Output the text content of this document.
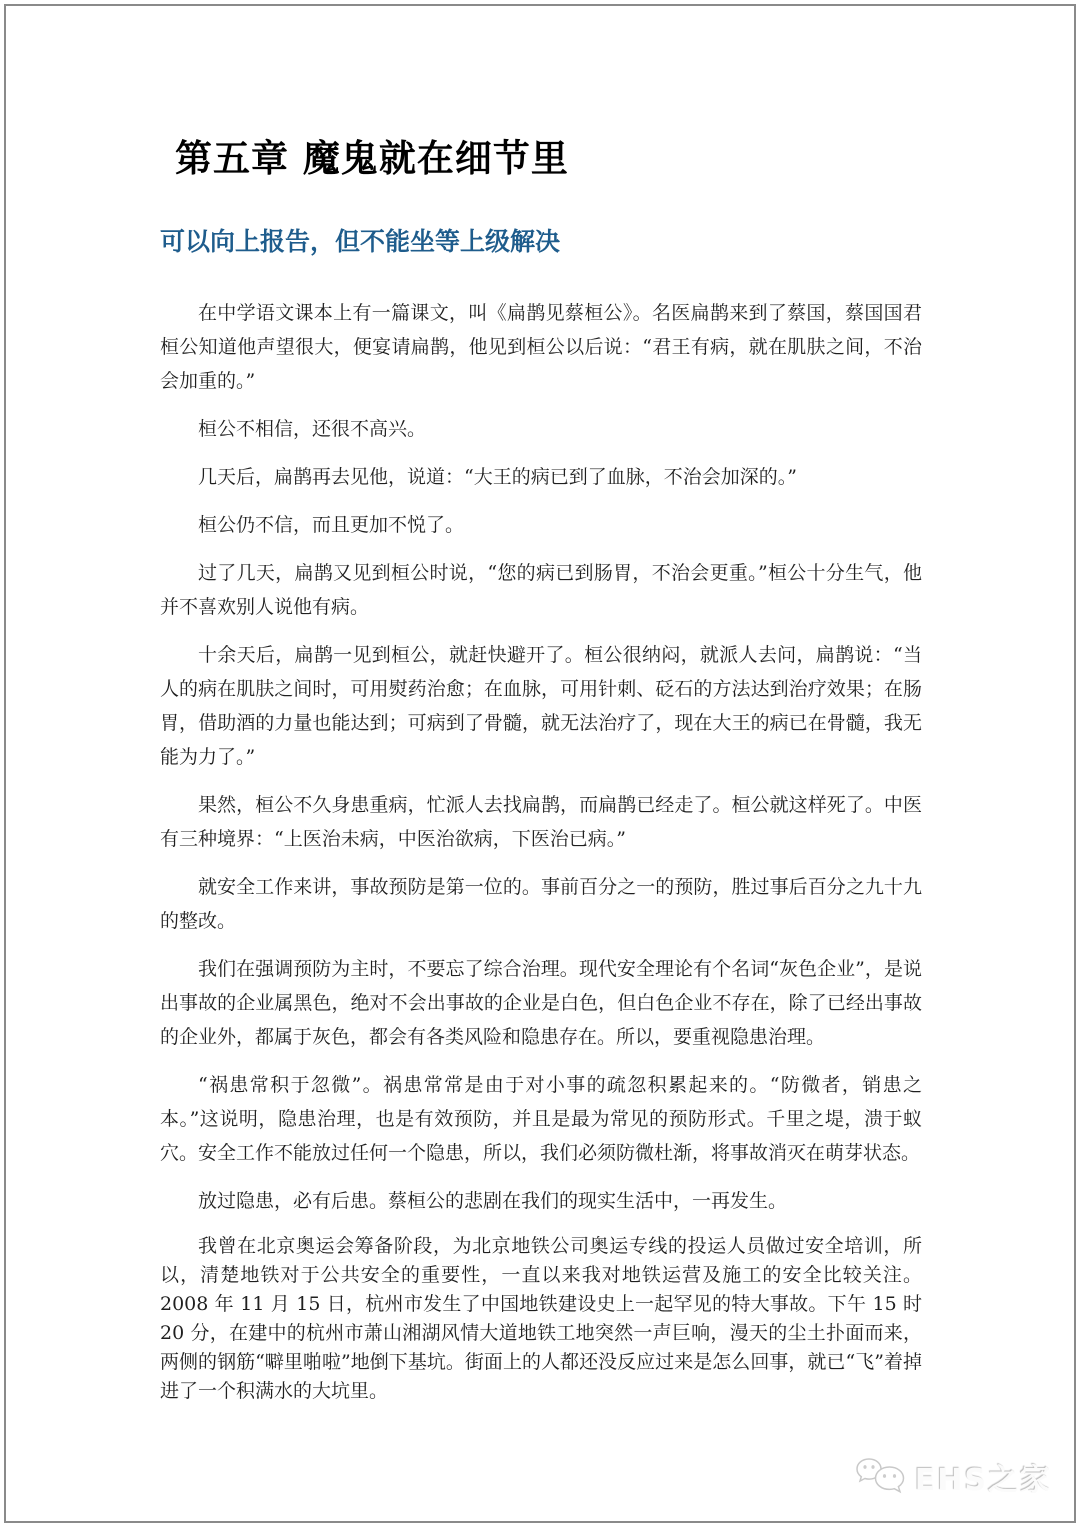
第五章 魔鬼就在细节里
可以向上报告，但不能坐等上级解决

在中学语文课本上有一篇课文，叫《扁鹊见蔡桓公》。名医扁鹊来到了蔡国，蔡国国君桓公知道他声望很大，便宴请扁鹊，他见到桓公以后说：“君王有病，就在肌肤之间，不治会加重的。”

桓公不相信，还很不高兴。

几天后，扁鹊再去见他，说道：“大王的病已到了血脉，不治会加深的。”

桓公仍不信，而且更加不悦了。

过了几天，扁鹊又见到桓公时说，“您的病已到肠胃，不治会更重。”桓公十分生气，他并不喜欢别人说他有病。

十余天后，扁鹊一见到桓公，就赶快避开了。桓公很纳闷，就派人去问，扁鹊说：“当人的病在肌肤之间时，可用熨药治愈；在血脉，可用针刺、砭石的方法达到治疗效果；在肠胃，借助酒的力量也能达到；可病到了骨髓，就无法治疗了，现在大王的病已在骨髓，我无能为力了。”

果然，桓公不久身患重病，忙派人去找扁鹊，而扁鹊已经走了。桓公就这样死了。中医有三种境界：“上医治未病，中医治欲病，下医治已病。”

就安全工作来讲，事故预防是第一位的。事前百分之一的预防，胜过事后百分之九十九的整改。

我们在强调预防为主时，不要忘了综合治理。现代安全理论有个名词“灰色企业”，是说出事故的企业属黑色，绝对不会出事故的企业是白色，但白色企业不存在，除了已经出事故的企业外，都属于灰色，都会有各类风险和隐患存在。所以，要重视隐患治理。

“祸患常积于忽微”。祸患常常是由于对小事的疏忽积累起来的。“防微者，销患之本。”这说明，隐患治理，也是有效预防，并且是最为常见的预防形式。千里之堤，溃于蚁穴。安全工作不能放过任何一个隐患，所以，我们必须防微杜渐，将事故消灭在萌芽状态。

放过隐患，必有后患。蔡桓公的悲剧在我们的现实生活中，一再发生。

我曾在北京奥运会筹备阶段，为北京地铁公司奥运专线的投运人员做过安全培训，所以，清楚地铁对于公共安全的重要性，一直以来我对地铁运营及施工的安全比较关注。2008 年 11 月 15 日，杭州市发生了中国地铁建设史上一起罕见的特大事故。下午 15 时 20 分，在建中的杭州市萧山湘湖风情大道地铁工地突然一声巨响，漫天的尘土扑面而来，两侧的钢筋“噼里啪啦”地倒下基坑。街面上的人都还没反应过来是怎么回事，就已“飞”着掉进了一个积满水的大坑里。

EHS之家
